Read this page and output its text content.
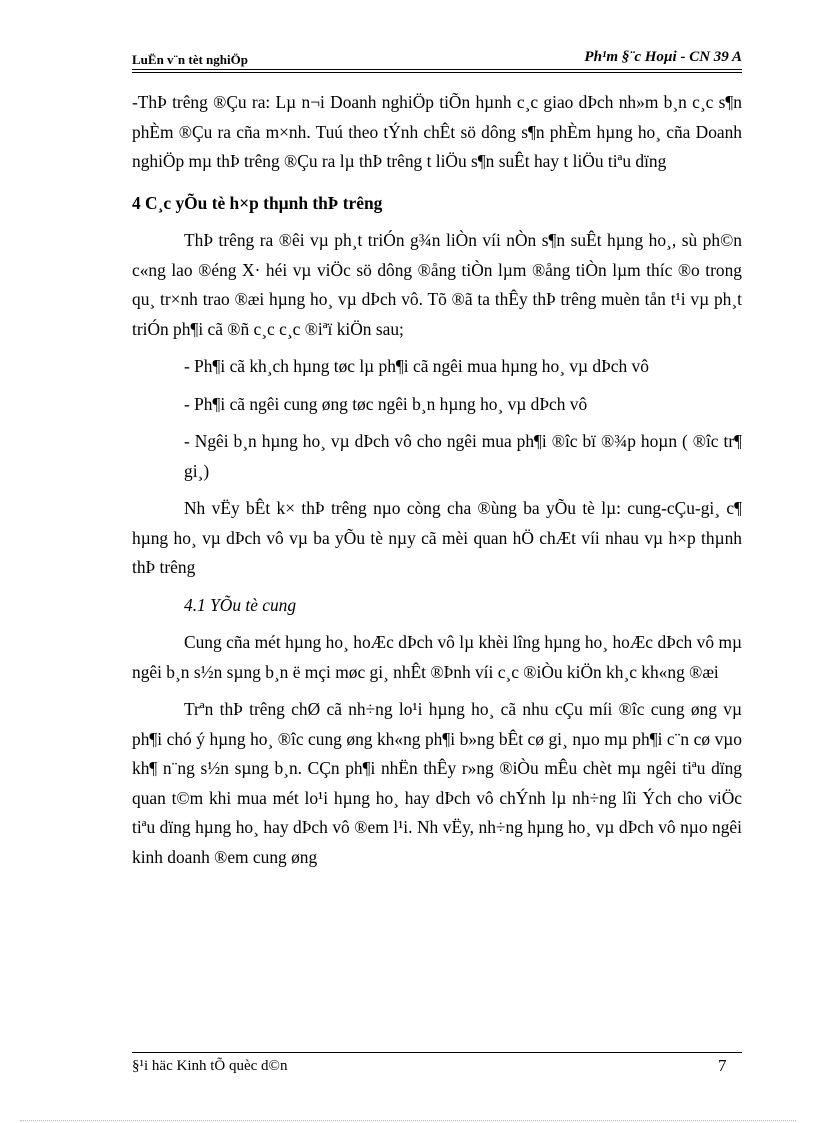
LuËn v¨n tèt nghiÖp	Ph¹m §¨c Hoµi - CN 39 A

-ThÞ trêng ®Çu ra: Lµ n¬i Doanh nghiÖp tiÕn hµnh c¸c giao dÞch nh»m b¸n c¸c s¶n phÈm ®Çu ra cña m×nh. Tuú theo tÝnh chÊt sö dông s¶n phÈm hµng ho¸ cña Doanh nghiÖp mµ thÞ trêng ®Çu ra lµ thÞ trêng t liÖu s¶n suÊt hay t liÖu tiªu dïng

4 C¸c yÕu tè h×p thµnh thÞ trêng

ThÞ trêng ra ®êi vµ ph¸t triÓn g¾n liÒn víi nÒn s¶n suÊt hµng ho¸, sù ph©n c«ng lao ®éng X· héi vµ viÖc sö dông ®ång tiÒn lµm ®ång tiÒn lµm thíc ®o trong qu¸ tr×nh trao ®æi hµng ho¸ vµ dÞch vô. Tõ ®ã ta thÊy thÞ trêng muèn tån t¹i vµ ph¸t triÓn ph¶i cã ®ñ c¸c c¸c ®iªï kiÖn sau;

- Ph¶i cã kh¸ch hµng tøc lµ ph¶i cã ngêi mua hµng ho¸ vµ dÞch vô

- Ph¶i cã ngêi cung øng tøc ngêi b¸n hµng ho¸ vµ dÞch vô

- Ngêi b¸n hµng ho¸ vµ dÞch vô cho ngêi mua ph¶i ®îc bï ®¾p hoµn ( ®îc tr¶ gi¸)

Nh vËy bÊt k× thÞ trêng nµo còng cha ®ùng ba yÕu tè lµ: cung-cÇu-gi¸ c¶ hµng ho¸ vµ dÞch vô vµ ba yÕu tè nµy cã mèi quan hÖ chÆt víi nhau vµ h×p thµnh thÞ trêng

4.1 YÕu tè cung

Cung cña mét hµng ho¸ hoÆc dÞch vô lµ khèi lîng hµng ho¸ hoÆc dÞch vô mµ ngêi b¸n s½n sµng b¸n ë mçi møc gi¸ nhÊt ®Þnh víi c¸c ®iÒu kiÖn kh¸c kh«ng ®æi

Trªn thÞ trêng chØ cã nh÷ng lo¹i hµng ho¸ cã nhu cÇu míi ®îc cung øng vµ ph¶i chó ý hµng ho¸ ®îc cung øng kh«ng ph¶i b»ng bÊt cø gi¸ nµo mµ ph¶i c¨n cø vµo kh¶ n¨ng s½n sµng b¸n. CÇn ph¶i nhËn thÊy r»ng ®iÒu mÊu chèt mµ ngêi tiªu dïng quan t©m khi mua mét lo¹i hµng ho¸ hay dÞch vô chÝnh lµ nh÷ng lîi Ých cho viÖc tiªu dïng hµng ho¸ hay dÞch vô ®em l¹i. Nh vËy, nh÷ng hµng ho¸ vµ dÞch vô nµo ngêi kinh doanh ®em cung øng

§¹i häc Kinh tÕ quèc d©n	7
